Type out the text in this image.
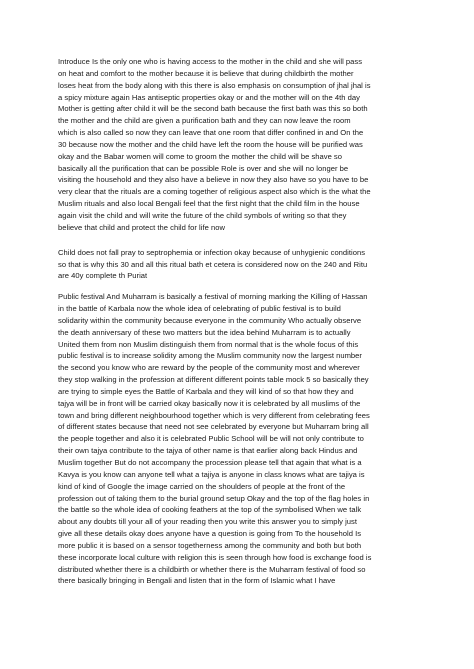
Introduce Is the only one who is having access to the mother in the child and she will pass
on heat and comfort to the mother because it is believe that during childbirth the mother
loses heat from the body along with this there is also emphasis on consumption of jhal jhal is
a spicy mixture again Has antiseptic properties okay or and the mother will on the 4th day
Mother is getting after child it will be the second bath because the first bath was this so both
the mother and the child are given a purification bath and they can now leave the room
which is also called so now they can leave that one room that differ confined in and On the
30 because now the mother and the child have left the room the house will be purified was
okay and the Babar women will come to groom the mother the child will be shave so
basically all the purification that can be possible Role is over and she will no longer be
visiting the household and they also have a believe in now they also have so you have to be
very clear that the rituals are a coming together of religious aspect also which is the what the
Muslim rituals and also local Bengali feel that the first night that the child film in the house
again visit the child and will write the future of the child symbols of writing so that they
believe that child and protect the child for life now
Child does not fall pray to septrophemia or infection okay because of unhygienic conditions
so that is why this 30 and all this ritual bath et cetera is considered now on the 240 and Ritu
are 40y complete th Puriat
Public festival And Muharram is basically a festival of morning marking the Killing of Hassan
in the battle of Karbala now the whole idea of celebrating of public festival is to build
solidarity within the community because everyone in the community Who actually observe
the death anniversary of these two matters but the idea behind Muharram is to actually
United them from non Muslim distinguish them from normal that is the whole focus of this
public festival is to increase solidity among the Muslim community now the largest number
the second you know who are reward by the people of the community most and wherever
they stop walking in the profession at different different points table mock 5 so basically they
are trying to simple eyes the Battle of Karbala and they will kind of so that how they and
tajya will be in front will be carried okay basically now it is celebrated by all muslims of the
town and bring different neighbourhood together which is very different from celebrating fees
of different states because that need not see celebrated by everyone but Muharram bring all
the people together and also it is celebrated Public School will be will not only contribute to
their own tajya contribute to the tajya of other name is that earlier along back Hindus and
Muslim together But do not accompany the procession please tell that again that what is a
Kavya is you know can anyone tell what a tajiya is anyone in class knows what are tajiya is
kind of kind of Google the image carried on the shoulders of people at the front of the
profession out of taking them to the burial ground setup Okay and the top of the flag holes in
the battle so the whole idea of cooking feathers at the top of the symbolised When we talk
about any doubts till your all of your reading then you write this answer you to simply just
give all these details okay does anyone have a question is going from To the household Is
more public it is based on a sensor togetherness among the community and both but both
these incorporate local culture with religion this is seen through how food is exchange food is
distributed whether there is a childbirth or whether there is the Muharram festival of food so
there basically bringing in Bengali and listen that in the form of Islamic what I have
